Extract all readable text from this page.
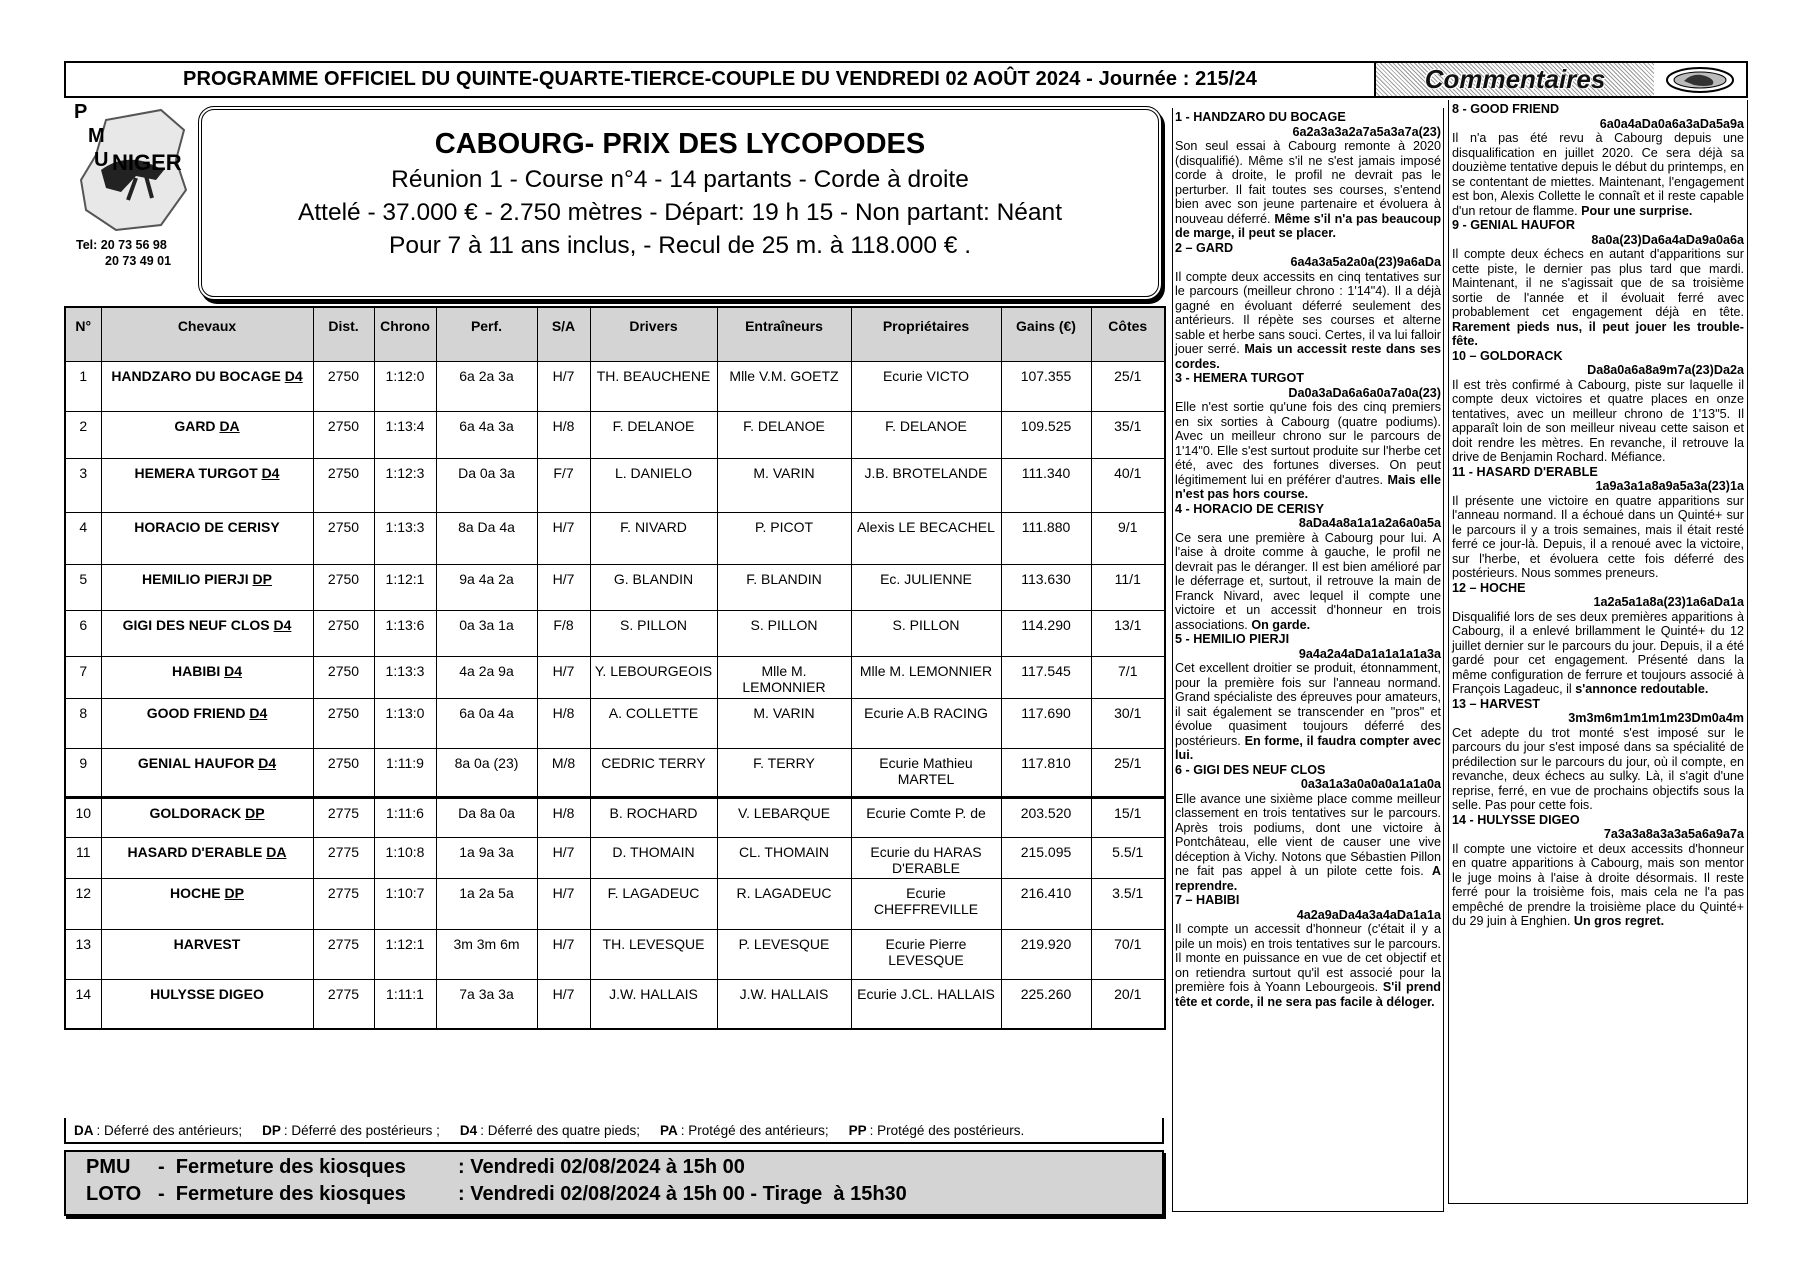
PROGRAMME OFFICIEL DU QUINTE-QUARTE-TIERCE-COUPLE DU VENDREDI 02 AOÛT 2024 - Journée : 215/24	Commentaires
P
M
U NIGER
Tel: 20 73 56 98
20 73 49 01
CABOURG- PRIX DES LYCOPODES
Réunion 1 - Course n°4 - 14 partants - Corde à droite
Attelé - 37.000 € - 2.750 mètres - Départ: 19 h 15 - Non partant: Néant
Pour 7 à 11 ans inclus, - Recul de 25 m. à 118.000 € .
N°	Chevaux	Dist.	Chrono	Perf.	S/A	Drivers	Entraîneurs	Propriétaires	Gains (€)	Côtes
1	HANDZARO DU BOCAGE D4	2750	1:12:0	6a 2a 3a	H/7	TH. BEAUCHENE	Mlle V.M. GOETZ	Ecurie VICTO	107.355	25/1
2	GARD DA	2750	1:13:4	6a 4a 3a	H/8	F. DELANOE	F. DELANOE	F. DELANOE	109.525	35/1
3	HEMERA TURGOT D4	2750	1:12:3	Da 0a 3a	F/7	L. DANIELO	M. VARIN	J.B. BROTELANDE	111.340	40/1
4	HORACIO DE CERISY	2750	1:13:3	8a Da 4a	H/7	F. NIVARD	P. PICOT	Alexis LE BECACHEL	111.880	9/1
5	HEMILIO PIERJI DP	2750	1:12:1	9a 4a 2a	H/7	G. BLANDIN	F. BLANDIN	Ec. JULIENNE	113.630	11/1
6	GIGI DES NEUF CLOS D4	2750	1:13:6	0a 3a 1a	F/8	S. PILLON	S. PILLON	S. PILLON	114.290	13/1
7	HABIBI D4	2750	1:13:3	4a 2a 9a	H/7	Y. LEBOURGEOIS	Mlle M. LEMONNIER	Mlle M. LEMONNIER	117.545	7/1
8	GOOD FRIEND D4	2750	1:13:0	6a 0a 4a	H/8	A. COLLETTE	M. VARIN	Ecurie A.B RACING	117.690	30/1
9	GENIAL HAUFOR D4	2750	1:11:9	8a 0a (23)	M/8	CEDRIC TERRY	F. TERRY	Ecurie Mathieu MARTEL	117.810	25/1
10	GOLDORACK DP	2775	1:11:6	Da 8a 0a	H/8	B. ROCHARD	V. LEBARQUE	Ecurie Comte P. de	203.520	15/1
11	HASARD D'ERABLE DA	2775	1:10:8	1a 9a 3a	H/7	D. THOMAIN	CL. THOMAIN	Ecurie du HARAS D'ERABLE	215.095	5.5/1
12	HOCHE DP	2775	1:10:7	1a 2a 5a	H/7	F. LAGADEUC	R. LAGADEUC	Ecurie CHEFFREVILLE	216.410	3.5/1
13	HARVEST	2775	1:12:1	3m 3m 6m	H/7	TH. LEVESQUE	P. LEVESQUE	Ecurie Pierre LEVESQUE	219.920	70/1
14	HULYSSE DIGEO	2775	1:11:1	7a 3a 3a	H/7	J.W. HALLAIS	J.W. HALLAIS	Ecurie J.CL. HALLAIS	225.260	20/1
DA : Déferré des antérieurs; DP : Déferré des postérieurs ; D4 : Déferré des quatre pieds; PA : Protégé des antérieurs; PP : Protégé des postérieurs.
PMU	-  Fermeture des kiosques	: Vendredi 02/08/2024 à 15h 00
LOTO -  Fermeture des kiosques	: Vendredi 02/08/2024 à 15h 00 - Tirage  à 15h30
1 - HANDZARO DU BOCAGE
6a2a3a3a2a7a5a3a7a(23)

Son seul essai à Cabourg remonte à 2020 (disqualifié). Même s'il ne s'est jamais imposé corde à droite, le profil ne devrait pas le perturber. Il fait toutes ses courses, s'entend bien avec son jeune partenaire et évoluera à nouveau déferré. Même s'il n'a pas beaucoup de marge, il peut se placer.

2 – GARD
6a4a3a5a2a0a(23)9a6aDa

Il compte deux accessits en cinq tentatives sur le parcours (meilleur chrono : 1'14"4). Il a déjà gagné en évoluant déferré seulement des antérieurs. Il répète ses courses et alterne sable et herbe sans souci. Certes, il va lui falloir jouer serré. Mais un accessit reste dans ses cordes.

3 - HEMERA TURGOT
Da0a3aDa6a6a0a7a0a(23)

Elle n'est sortie qu'une fois des cinq premiers en six sorties à Cabourg (quatre podiums). Avec un meilleur chrono sur le parcours de 1'14"0. Elle s'est surtout produite sur l'herbe cet été, avec des fortunes diverses. On peut légitimement lui en préférer d'autres. Mais elle n'est pas hors course.

4 - HORACIO DE CERISY
8aDa4a8a1a1a2a6a0a5a

Ce sera une première à Cabourg pour lui. A l'aise à droite comme à gauche, le profil ne devrait pas le déranger. Il est bien amélioré par le déferrage et, surtout, il retrouve la main de Franck Nivard, avec lequel il compte une victoire et un accessit d'honneur en trois associations. On garde.

5 - HEMILIO PIERJI
9a4a2a4aDa1a1a1a1a3a

Cet excellent droitier se produit, étonnamment, pour la première fois sur l'anneau normand. Grand spécialiste des épreuves pour amateurs, il sait également se transcender en "pros" et évolue quasiment toujours déferré des postérieurs. En forme, il faudra compter avec lui.

6 - GIGI DES NEUF CLOS
0a3a1a3a0a0a0a1a1a0a

Elle avance une sixième place comme meilleur classement en trois tentatives sur le parcours. Après trois podiums, dont une victoire à Pontchâteau, elle vient de causer une vive déception à Vichy. Notons que Sébastien Pillon ne fait pas appel à un pilote cette fois. A reprendre.

7 – HABIBI
4a2a9aDa4a3a4aDa1a1a

Il compte un accessit d'honneur (c'était il y a pile un mois) en trois tentatives sur le parcours. Il monte en puissance en vue de cet objectif et on retiendra surtout qu'il est associé pour la première fois à Yoann Lebourgeois. S'il prend tête et corde, il ne sera pas facile à déloger.

8 - GOOD FRIEND
6a0a4aDa0a6a3aDa5a9a

Il n'a pas été revu à Cabourg depuis une disqualification en juillet 2020. Ce sera déjà sa douzième tentative depuis le début du printemps, en se contentant de miettes. Maintenant, l'engagement est bon, Alexis Collette le connaît et il reste capable d'un retour de flamme. Pour une surprise.

9 - GENIAL HAUFOR
8a0a(23)Da6a4aDa9a0a6a

Il compte deux échecs en autant d'apparitions sur cette piste, le dernier pas plus tard que mardi. Maintenant, il ne s'agissait que de sa troisième sortie de l'année et il évoluait ferré avec probablement cet engagement déjà en tête. Rarement pieds nus, il peut jouer les trouble-fête.

10 – GOLDORACK
Da8a0a6a8a9m7a(23)Da2a

Il est très confirmé à Cabourg, piste sur laquelle il compte deux victoires et quatre places en onze tentatives, avec un meilleur chrono de 1'13"5. Il apparaît loin de son meilleur niveau cette saison et doit rendre les mètres. En revanche, il retrouve la drive de Benjamin Rochard. Méfiance.

11 - HASARD D'ERABLE
1a9a3a1a8a9a5a3a(23)1a

Il présente une victoire en quatre apparitions sur l'anneau normand. Il a échoué dans un Quinté+ sur le parcours il y a trois semaines, mais il était resté ferré ce jour-là. Depuis, il a renoué avec la victoire, sur l'herbe, et évoluera cette fois déferré des postérieurs. Nous sommes preneurs.

12 – HOCHE
1a2a5a1a8a(23)1a6aDa1a

Disqualifié lors de ses deux premières apparitions à Cabourg, il a enlevé brillamment le Quinté+ du 12 juillet dernier sur le parcours du jour. Depuis, il a été gardé pour cet engagement. Présenté dans la même configuration de ferrure et toujours associé à François Lagadeuc, il s'annonce redoutable.

13 – HARVEST
3m3m6m1m1m1m23Dm0a4m

Cet adepte du trot monté s'est imposé sur le parcours du jour s'est imposé dans sa spécialité de prédilection sur le parcours du jour, où il compte, en revanche, deux échecs au sulky. Là, il s'agit d'une reprise, ferré, en vue de prochains objectifs sous la selle. Pas pour cette fois.

14 - HULYSSE DIGEO
7a3a3a8a3a3a5a6a9a7a

Il compte une victoire et deux accessits d'honneur en quatre apparitions à Cabourg, mais son mentor le juge moins à l'aise à droite désormais. Il reste ferré pour la troisième fois, mais cela ne l'a pas empêché de prendre la troisième place du Quinté+ du 29 juin à Enghien. Un gros regret.
